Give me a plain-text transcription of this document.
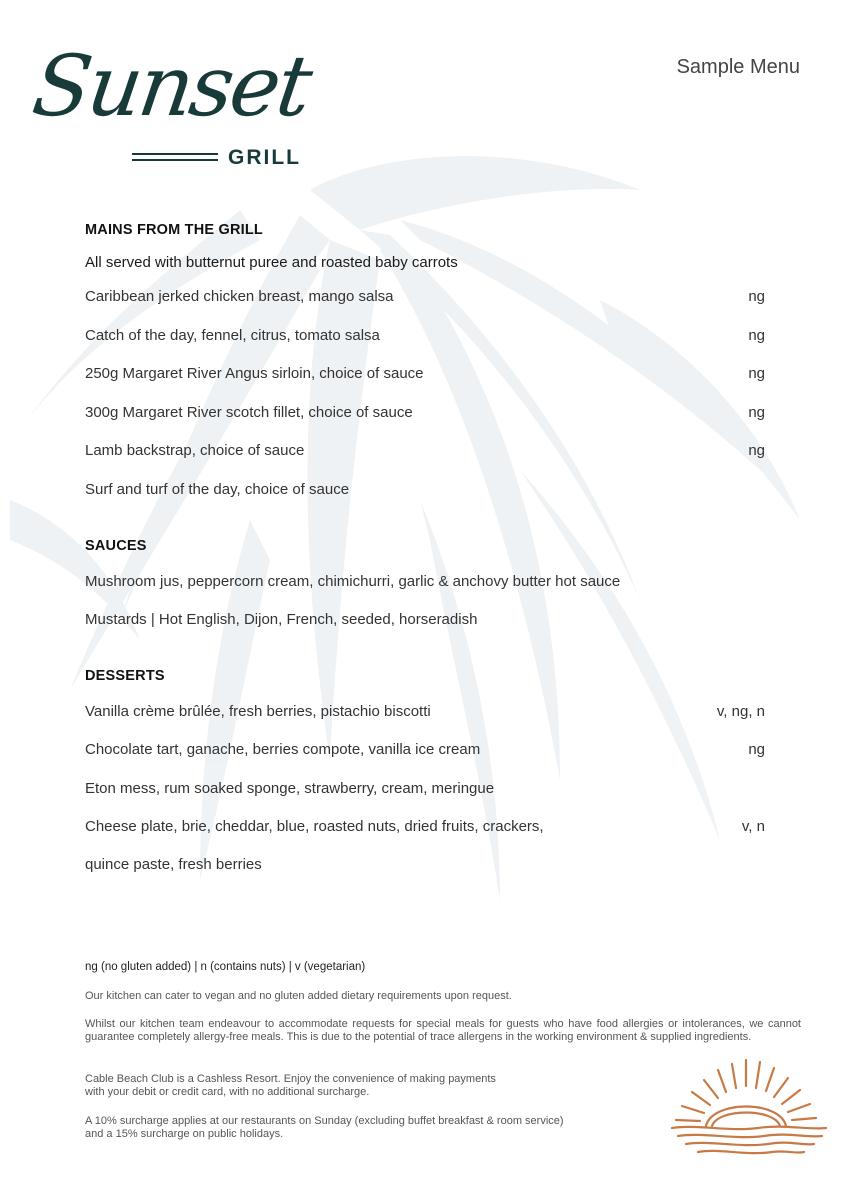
Sunset
GRILL
Sample Menu
MAINS FROM THE GRILL
All served with butternut puree and roasted baby carrots
Caribbean jerked chicken breast, mango salsa	ng
Catch of the day, fennel, citrus, tomato salsa	ng
250g Margaret River Angus sirloin, choice of sauce	ng
300g Margaret River scotch fillet, choice of sauce	ng
Lamb backstrap, choice of sauce	ng
Surf and turf of the day, choice of sauce
SAUCES
Mushroom jus, peppercorn cream, chimichurri, garlic & anchovy butter hot sauce
Mustards | Hot English, Dijon, French, seeded, horseradish
DESSERTS
Vanilla crème brûlée, fresh berries, pistachio biscotti	v, ng, n
Chocolate tart, ganache, berries compote, vanilla ice cream	ng
Eton mess, rum soaked sponge, strawberry, cream, meringue
Cheese plate, brie, cheddar, blue, roasted nuts, dried fruits, crackers,	v, n
quince paste, fresh berries
ng (no gluten added) | n (contains nuts) | v (vegetarian)
Our kitchen can cater to vegan and no gluten added dietary requirements upon request.
Whilst our kitchen team endeavour to accommodate requests for special meals for guests who have food allergies or intolerances, we cannot guarantee completely allergy-free meals. This is due to the potential of trace allergens in the working environment & supplied ingredients.
Cable Beach Club is a Cashless Resort. Enjoy the convenience of making payments
with your debit or credit card, with no additional surcharge.
A 10% surcharge applies at our restaurants on Sunday (excluding buffet breakfast & room service)
and a 15% surcharge on public holidays.
